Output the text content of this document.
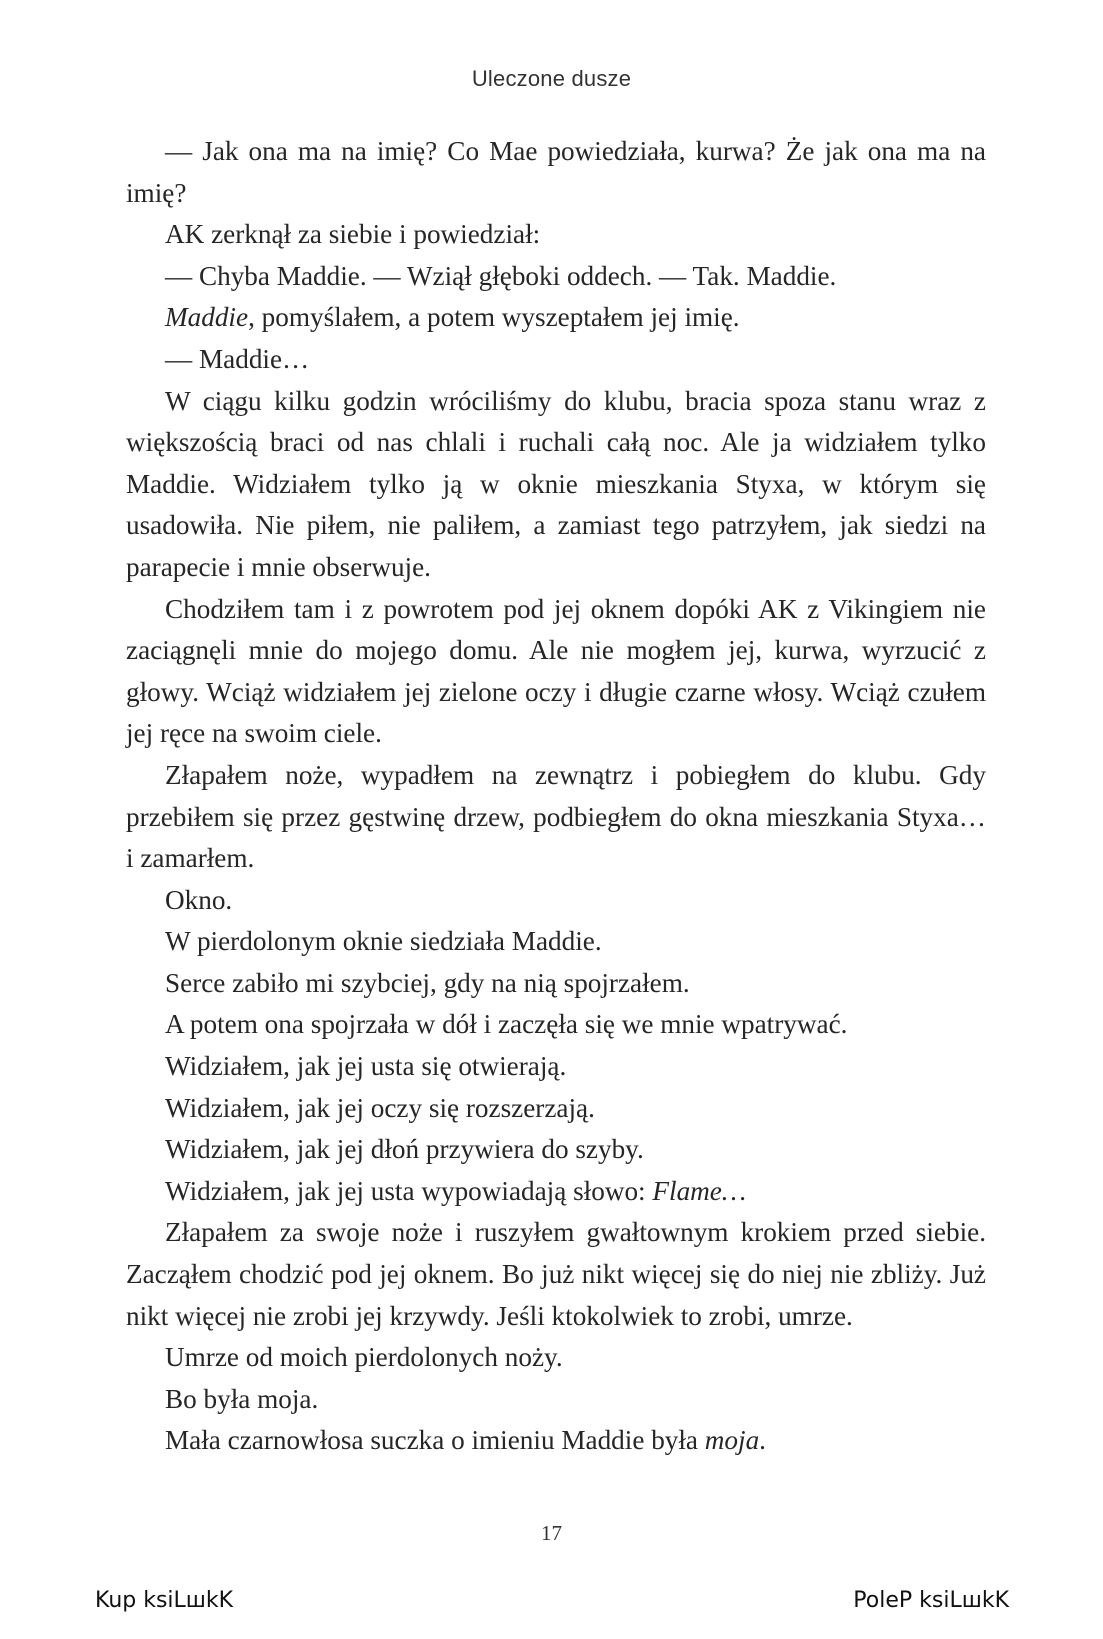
Uleczone dusze

— Jak ona ma na imię? Co Mae powiedziała, kurwa? Że jak ona ma na imię?

AK zerknął za siebie i powiedział:

— Chyba Maddie. — Wziął głęboki oddech. — Tak. Maddie.

Maddie, pomyślałem, a potem wyszeptałem jej imię.

— Maddie…

W ciągu kilku godzin wróciliśmy do klubu, bracia spoza stanu wraz z większością braci od nas chlali i ruchali całą noc. Ale ja widziałem tylko Maddie. Widziałem tylko ją w oknie mieszkania Styxa, w którym się usadowiła. Nie piłem, nie paliłem, a zamiast tego patrzyłem, jak siedzi na parapecie i mnie obserwuje.

Chodziłem tam i z powrotem pod jej oknem dopóki AK z Vikingiem nie zaciągnęli mnie do mojego domu. Ale nie mogłem jej, kurwa, wyrzucić z głowy. Wciąż widziałem jej zielone oczy i długie czarne włosy. Wciąż czułem jej ręce na swoim ciele.

Złapałem noże, wypadłem na zewnątrz i pobiegłem do klubu. Gdy przebiłem się przez gęstwinę drzew, podbiegłem do okna mieszkania Styxa… i zamarłem.

Okno.

W pierdolonym oknie siedziała Maddie.

Serce zabiło mi szybciej, gdy na nią spojrzałem.

A potem ona spojrzała w dół i zaczęła się we mnie wpatrywać.

Widziałem, jak jej usta się otwierają.

Widziałem, jak jej oczy się rozszerzają.

Widziałem, jak jej dłoń przywiera do szyby.

Widziałem, jak jej usta wypowiadają słowo: Flame…

Złapałem za swoje noże i ruszyłem gwałtownym krokiem przed siebie. Zacząłem chodzić pod jej oknem. Bo już nikt więcej się do niej nie zbliży. Już nikt więcej nie zrobi jej krzywdy. Jeśli ktokolwiek to zrobi, umrze.

Umrze od moich pierdolonych noży.

Bo była moja.

Mała czarnowłosa suczka o imieniu Maddie była moja.

17
Kup ksiLшkK	PoleP ksiLшkK
